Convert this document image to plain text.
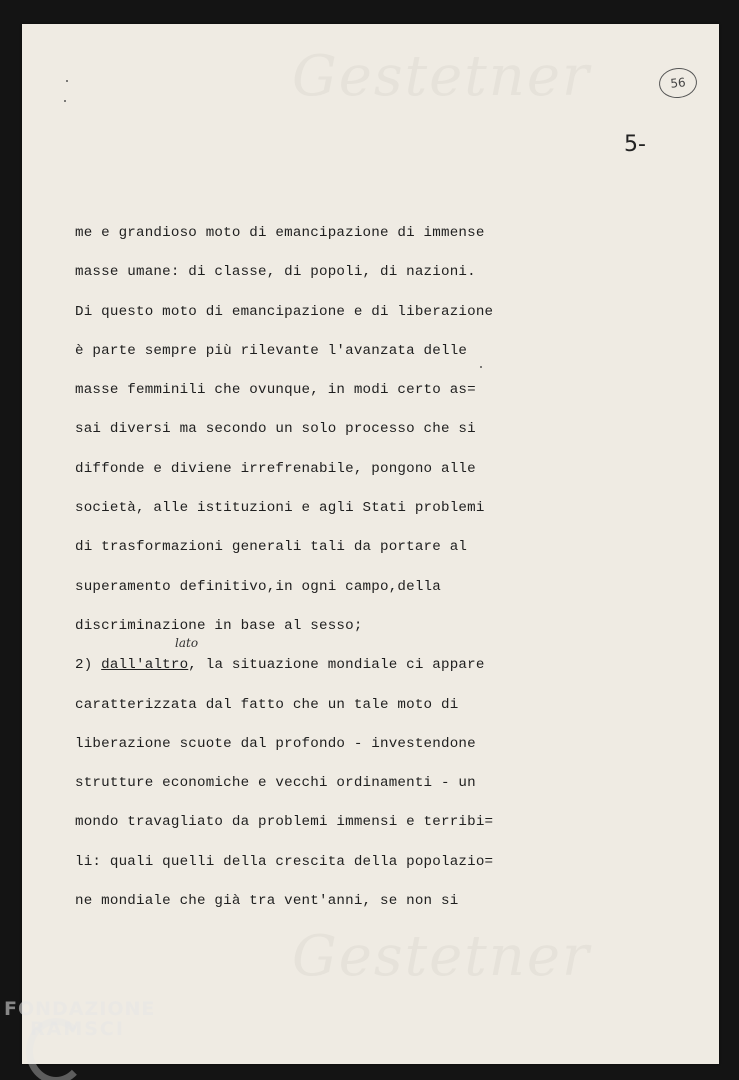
Gestetner
Gestetner
56
5-
lato
me e grandioso moto di emancipazione di immense
masse umane: di classe, di popoli, di nazioni.
Di questo moto di emancipazione e di liberazione
è parte sempre più rilevante l'avanzata delle
masse femminili che ovunque, in modi certo as=
sai diversi ma secondo un solo processo che si
diffonde e diviene irrefrenabile, pongono alle
società, alle istituzioni e agli Stati problemi
di trasformazioni generali tali da portare al
superamento definitivo,in ogni campo,della
discriminazione in base al sesso;
2) dall'altro, la situazione mondiale ci appare
caratterizzata dal fatto che un tale moto di
liberazione scuote dal profondo - investendone
strutture economiche e vecchi ordinamenti - un
mondo travagliato da problemi immensi e terribi=
li: quali quelli della crescita della popolazio=
ne mondiale che già tra vent'anni, se non si
FONDAZIONE
RAMSCI
